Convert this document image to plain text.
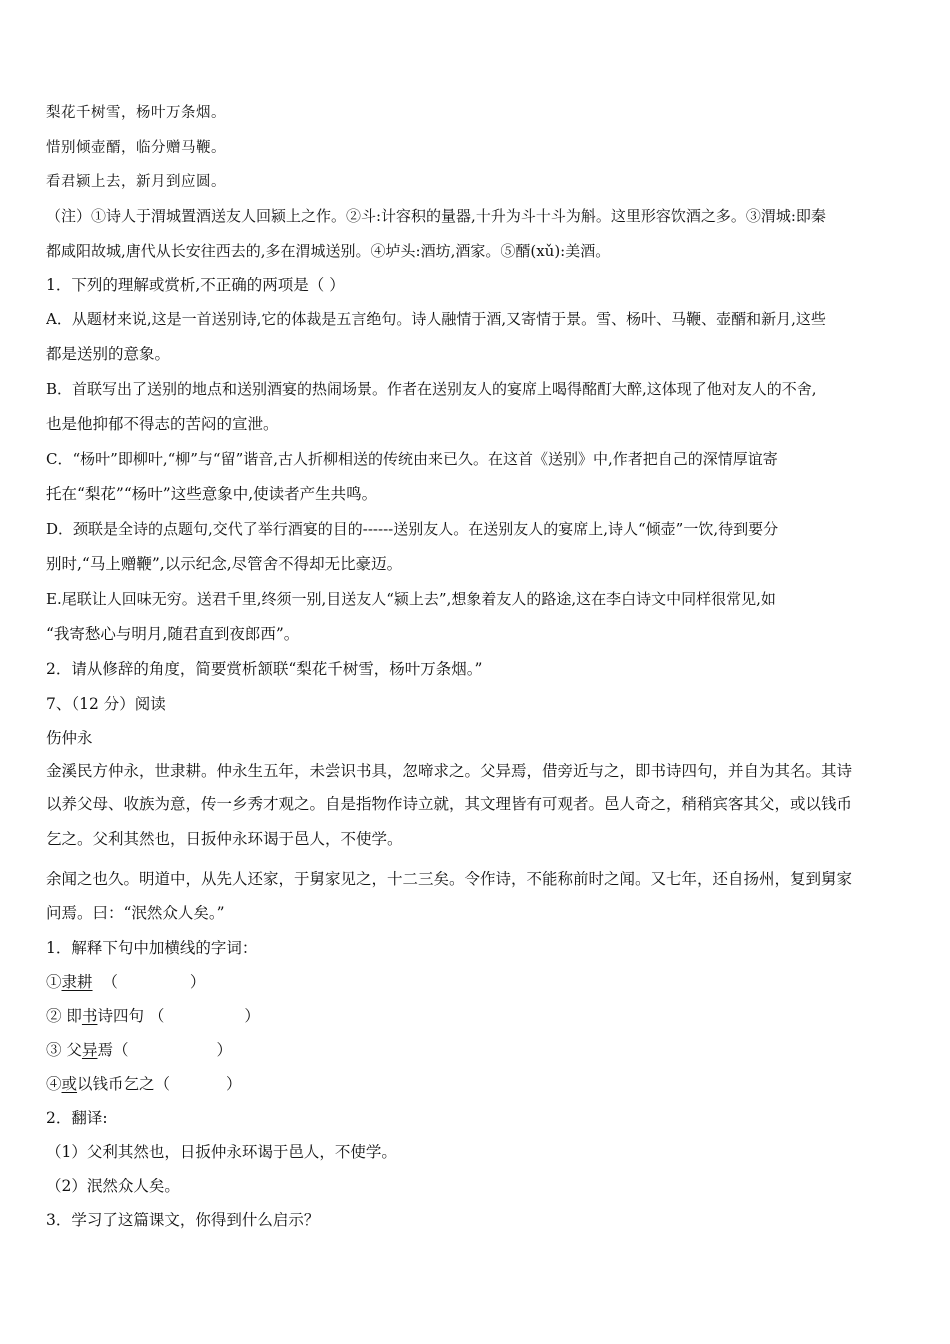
梨花千树雪，杨叶万条烟。
惜别倾壶醑，临分赠马鞭。
看君颍上去，新月到应圆。
（注）①诗人于渭城置酒送友人回颍上之作。②斗:计容积的量器,十升为斗十斗为斛。这里形容饮酒之多。③渭城:即秦
都咸阳故城,唐代从长安往西去的,多在渭城送别。④垆头:酒坊,酒家。⑤醑(xǔ):美酒。
1．下列的理解或赏析,不正确的两项是（ ）
A．从题材来说,这是一首送别诗,它的体裁是五言绝句。诗人融情于酒,又寄情于景。雪、杨叶、马鞭、壶醑和新月,这些
都是送别的意象。
B．首联写出了送别的地点和送别酒宴的热闹场景。作者在送别友人的宴席上喝得酩酊大醉,这体现了他对友人的不舍,
也是他抑郁不得志的苦闷的宣泄。
C．“杨叶”即柳叶,“柳”与“留”谐音,古人折柳相送的传统由来已久。在这首《送别》中,作者把自己的深情厚谊寄
托在“梨花”“杨叶”这些意象中,使读者产生共鸣。
D．颈联是全诗的点题句,交代了举行酒宴的目的------送别友人。在送别友人的宴席上,诗人“倾壶”一饮,待到要分
别时,“马上赠鞭”,以示纪念,尽管舍不得却无比豪迈。
E.尾联让人回味无穷。送君千里,终须一别,目送友人“颍上去”,想象着友人的路途,这在李白诗文中同样很常见,如
“我寄愁心与明月,随君直到夜郎西”。
2．请从修辞的角度，简要赏析颔联“梨花千树雪，杨叶万条烟。”
7、（12 分）阅读
伤仲永
金溪民方仲永，世隶耕。仲永生五年，未尝识书具，忽啼求之。父异焉，借旁近与之，即书诗四句，并自为其名。其诗
以养父母、收族为意，传一乡秀才观之。自是指物作诗立就，其文理皆有可观者。邑人奇之，稍稍宾客其父，或以钱币
乞之。父利其然也，日扳仲永环谒于邑人，不使学。
余闻之也久。明道中，从先人还家，于舅家见之，十二三矣。令作诗，不能称前时之闻。又七年，还自扬州，复到舅家
问焉。曰：“泯然众人矣。”
1．解释下句中加横线的字词：
①隶耕 （	）
② 即书诗四句 （	）
③ 父异焉（	）
④或以钱币乞之（	）
2．翻译:
（1）父利其然也，日扳仲永环谒于邑人，不使学。
（2）泯然众人矣。
3．学习了这篇课文，你得到什么启示？
